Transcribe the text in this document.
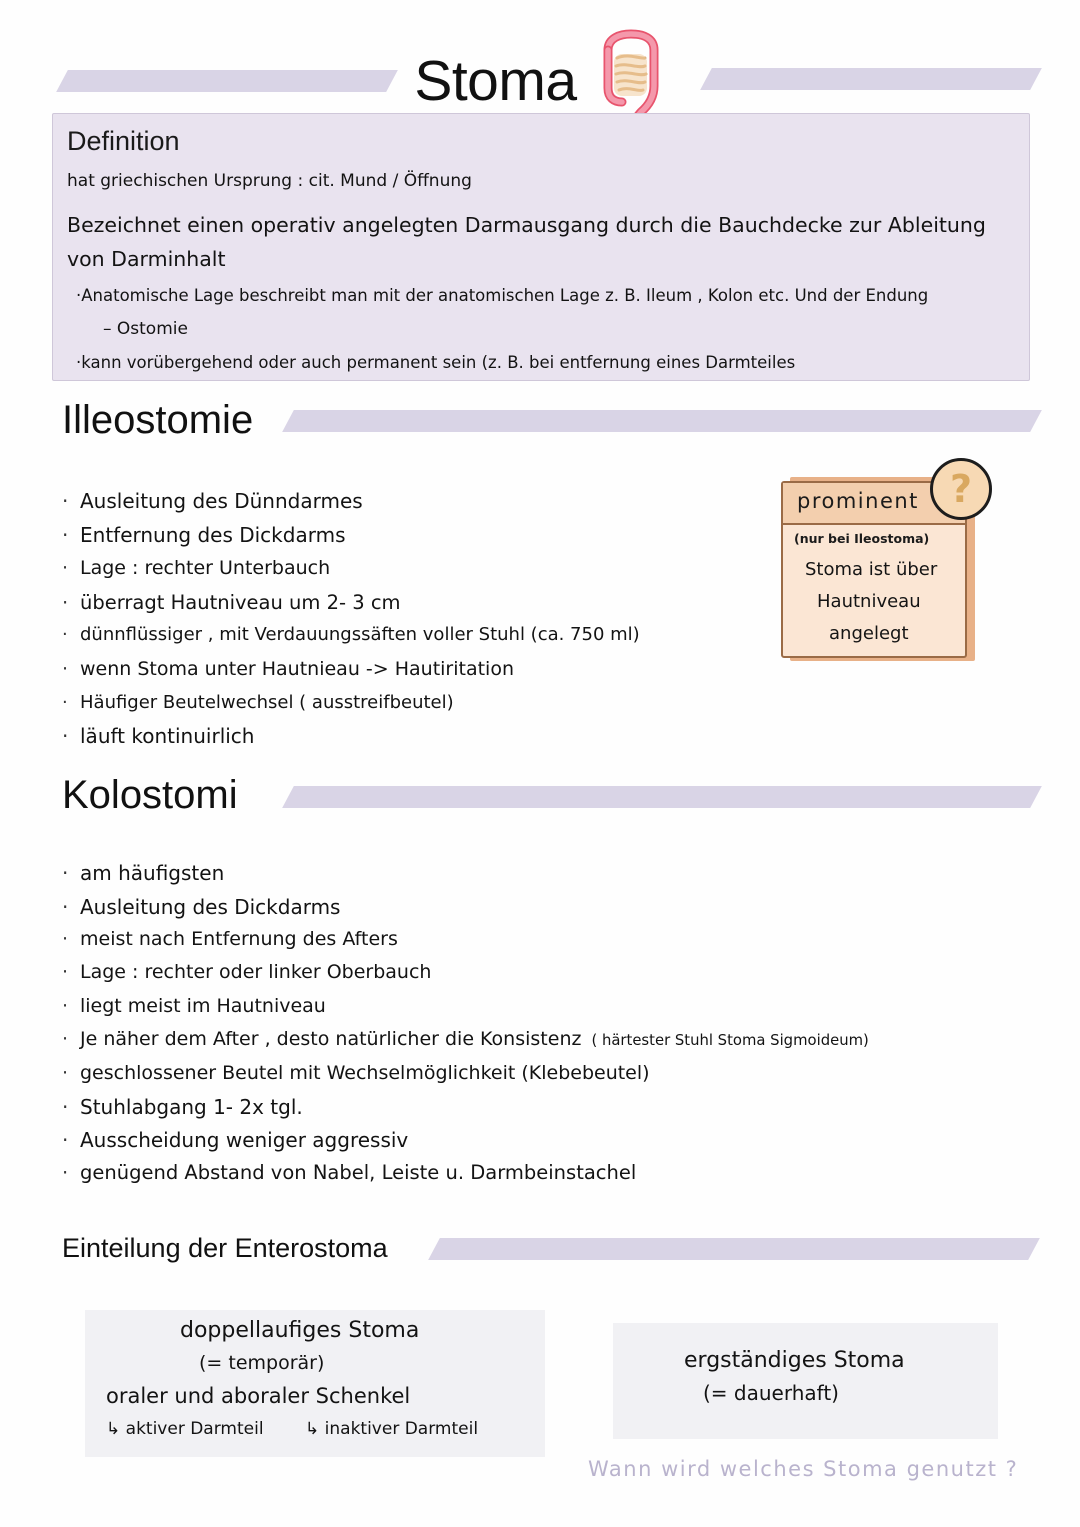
Stoma
Definition
hat griechischen Ursprung : cit. Mund / Öffnung
Bezeichnet einen operativ angelegten Darmausgang durch die Bauchdecke zur Ableitung
von Darminhalt
·Anatomische Lage beschreibt man mit der anatomischen Lage z. B. Ileum , Kolon etc. Und der Endung
– Ostomie
·kann vorübergehend oder auch permanent sein (z. B. bei entfernung eines Darmteiles
Illeostomie
· Ausleitung des Dünndarmes
· Entfernung des Dickdarms
· Lage : rechter Unterbauch
· überragt Hautniveau um 2- 3 cm
· dünnflüssiger , mit Verdauungssäften voller Stuhl (ca. 750 ml)
· wenn Stoma unter Hautnieau -> Hautiritation
· Häufiger Beutelwechsel ( ausstreifbeutel)
· läuft kontinuirlich
prominent
(nur bei Ileostoma)
Stoma ist über
Hautniveau
angelegt
?
Kolostomi
· am häufigsten
· Ausleitung des Dickdarms
· meist nach Entfernung des Afters
· Lage : rechter oder linker Oberbauch
· liegt meist im Hautniveau
· Je näher dem After , desto natürlicher die Konsistenz ( härtester Stuhl Stoma Sigmoideum)
· geschlossener Beutel mit Wechselmöglichkeit (Klebebeutel)
· Stuhlabgang 1- 2x tgl.
· Ausscheidung weniger aggressiv
· genügend Abstand von Nabel, Leiste u. Darmbeinstachel
Einteilung der Enterostoma
doppellaufiges Stoma
(= temporär)
oraler und aboraler Schenkel
↳ aktiver Darmteil ↳ inaktiver Darmteil
ergständiges Stoma
(= dauerhaft)
Wann wird welches Stoma genutzt ?
